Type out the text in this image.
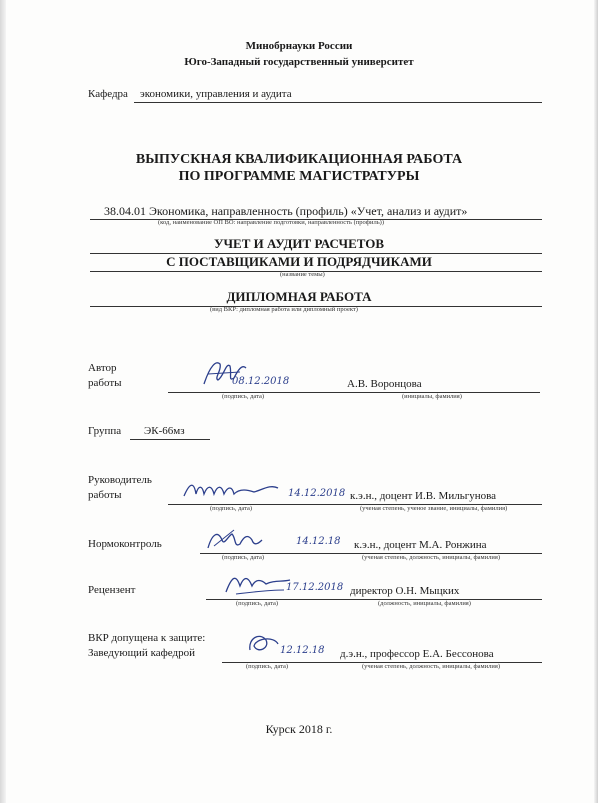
Минобрнауки России
Юго-Западный государственный университет
Кафедра экономики, управления и аудита
ВЫПУСКНАЯ КВАЛИФИКАЦИОННАЯ РАБОТА
ПО ПРОГРАММЕ МАГИСТРАТУРЫ
38.04.01 Экономика, направленность (профиль) «Учет, анализ и аудит»
(код, наименование ОП ВО: направление подготовки, направленность (профиль))
УЧЕТ И АУДИТ РАСЧЕТОВ
С ПОСТАВЩИКАМИ И ПОДРЯДЧИКАМИ
(название темы)
ДИПЛОМНАЯ РАБОТА
(вид ВКР: дипломная работа или дипломный проект)
Автор
работы	08.12.2018	А.В. Воронцова
(подпись, дата)	(инициалы, фамилия)
Группа ЭК-66мз
Руководитель
работы	14.12.2018 к.э.н., доцент И.В. Мильгунова
(подпись, дата)	(ученая степень, ученое звание, инициалы, фамилия)
Нормоконтроль	14.12.18 к.э.н., доцент М.А. Ронжина
(подпись, дата)	(ученая степень, должность, инициалы, фамилия)
Рецензент	17.12.2018 директор О.Н. Мыцких
(подпись, дата)	(должность, инициалы, фамилия)
ВКР допущена к защите:
Заведующий кафедрой	12.12.18 д.э.н., профессор Е.А. Бессонова
(подпись, дата)	(ученая степень, должность, инициалы, фамилия)
Курск 2018 г.
